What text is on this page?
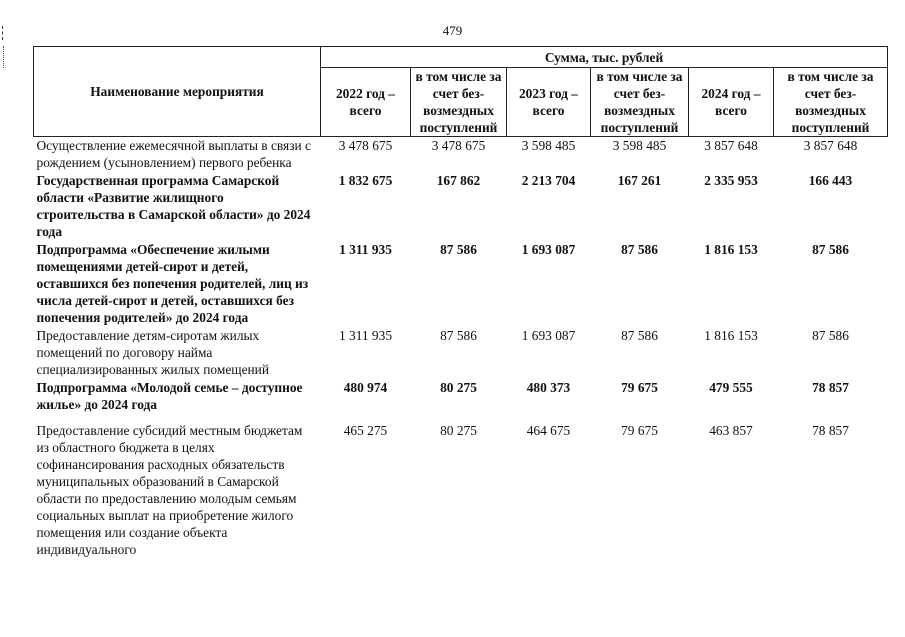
479
Наименование мероприятия	Сумма, тыс. рублей					
	2022 год – всего	в том числе за счет без-возмездных поступлений	2023 год – всего	в том числе за счет без-возмездных поступлений	2024 год – всего	в том числе за счет без-возмездных поступлений
Осуществление ежемесячной выплаты в связи с рождением (усыновлением) первого ребенка	3 478 675	3 478 675	3 598 485	3 598 485	3 857 648	3 857 648
Государственная программа Самарской области «Развитие жилищного строительства в Самарской области» до 2024 года	1 832 675	167 862	2 213 704	167 261	2 335 953	166 443
Подпрограмма «Обеспечение жилыми помещениями детей-сирот и детей, оставшихся без попечения родителей, лиц из числа детей-сирот и детей, оставшихся без попечения родителей» до 2024 года	1 311 935	87 586	1 693 087	87 586	1 816 153	87 586
Предоставление детям-сиротам жилых помещений по договору найма специализированных жилых помещений	1 311 935	87 586	1 693 087	87 586	1 816 153	87 586
Подпрограмма «Молодой семье – доступное жилье» до 2024 года	480 974	80 275	480 373	79 675	479 555	78 857
Предоставление субсидий местным бюджетам из областного бюджета в целях софинансирования расходных обязательств муниципальных образований в Самарской области по предоставлению молодым семьям социальных выплат на приобретение жилого помещения или создание объекта индивидуального	465 275	80 275	464 675	79 675	463 857	78 857
